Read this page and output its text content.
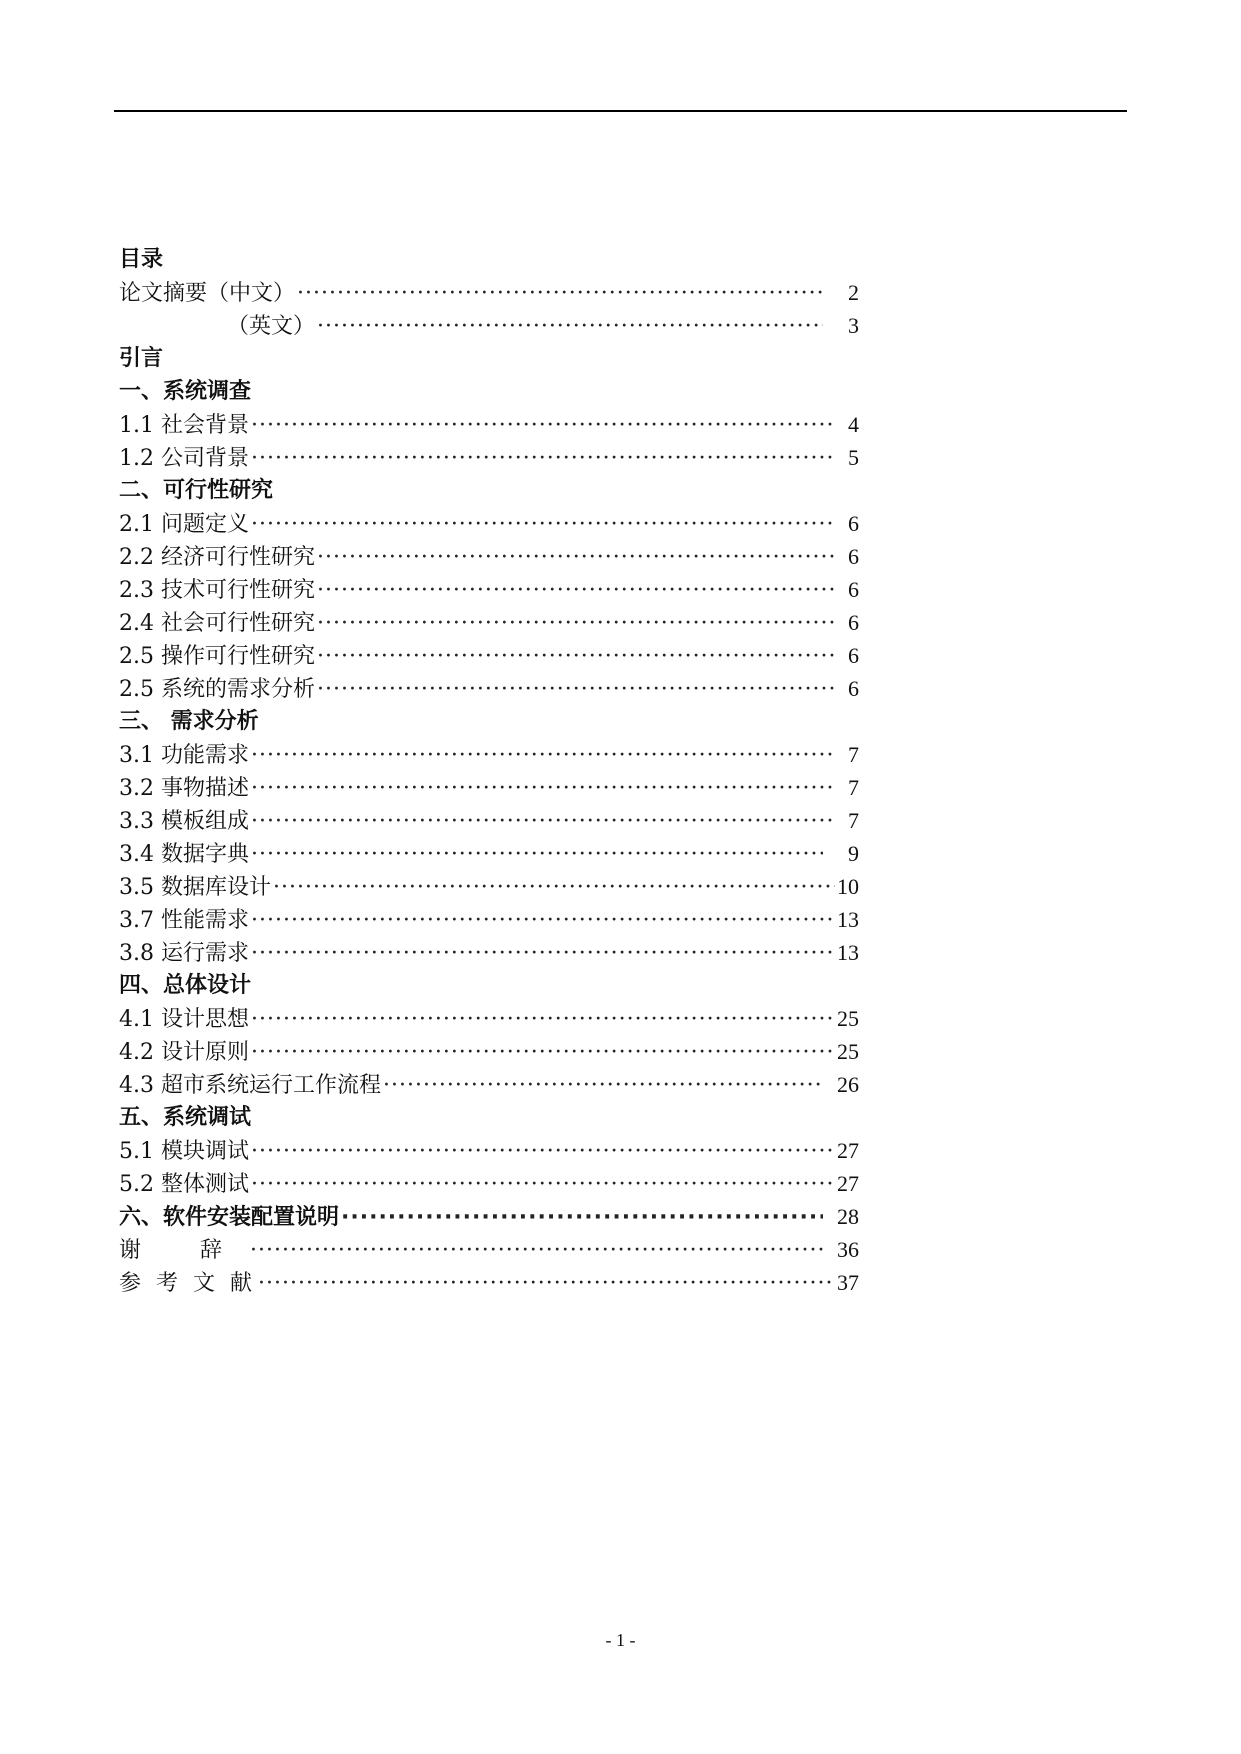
目录
论文摘要（中文） ·····	2
（英文） ·····	3
引言
一、系统调查
1.1 社会背景 ·····	4
1.2 公司背景 ·····	5
二、可行性研究
2.1 问题定义 ·····	6
2.2 经济可行性研究 ·····	6
2.3 技术可行性研究 ·····	6
2.4 社会可行性研究 ·····	6
2.5 操作可行性研究 ·····	6
2.5 系统的需求分析 ·····	6
三、 需求分析
3.1 功能需求 ·····	7
3.2 事物描述 ·····	7
3.3 模板组成 ·····	7
3.4 数据字典 ·····	9
3.5 数据库设计 ·····	10
3.7 性能需求 ·····	13
3.8 运行需求 ·····	13
四、总体设计
4.1 设计思想 ·····	25
4.2 设计原则 ·····	25
4.3 超市系统运行工作流程 ·····	26
五、系统调试
5.1 模块调试 ·····	27
5.2 整体测试 ·····	27
六、软件安装配置说明 ·····	28
谢 辞 ·····	36
参 考 文 献 ·····	37
- 1 -
